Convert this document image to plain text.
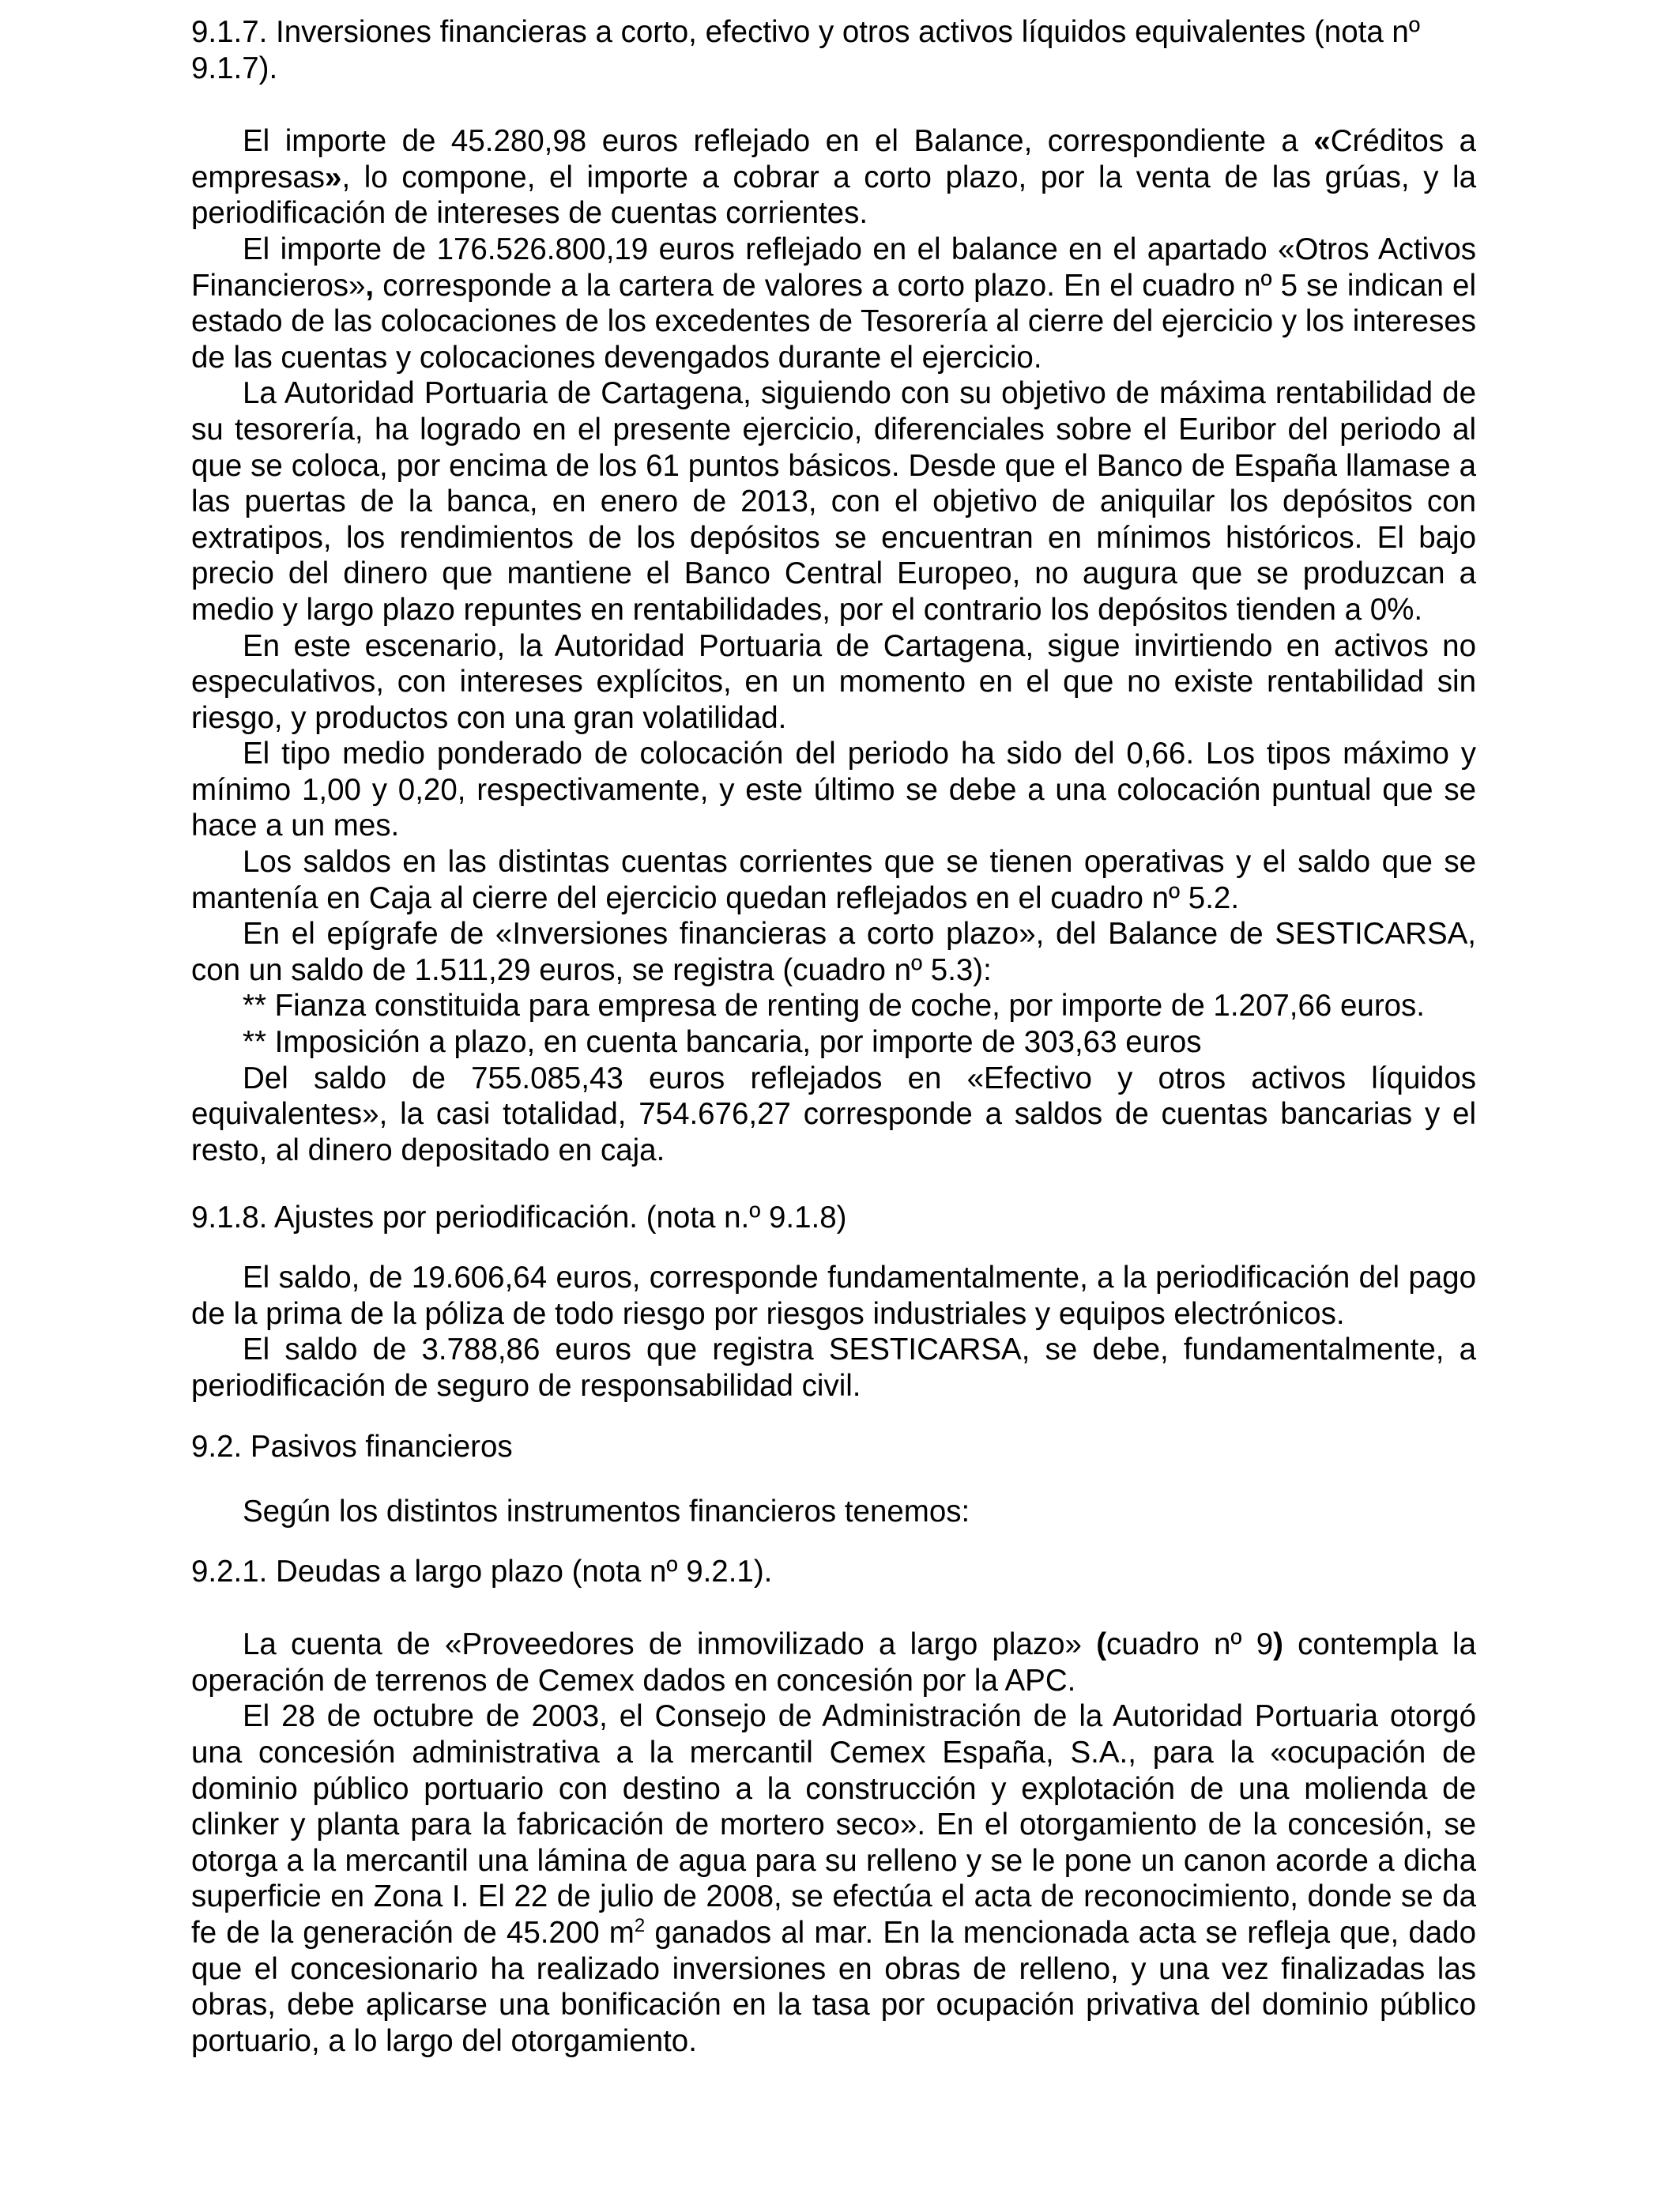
9.1.7. Inversiones financieras a corto, efectivo y otros activos líquidos equivalentes (nota nº 9.1.7).

El importe de 45.280,98 euros reflejado en el Balance, correspondiente a «Créditos a empresas», lo compone, el importe a cobrar a corto plazo, por la venta de las grúas, y la periodificación de intereses de cuentas corrientes.

El importe de 176.526.800,19 euros reflejado en el balance en el apartado «Otros Activos Financieros», corresponde a la cartera de valores a corto plazo. En el cuadro nº 5 se indican el estado de las colocaciones de los excedentes de Tesorería al cierre del ejercicio y los intereses de las cuentas y colocaciones devengados durante el ejercicio.

La Autoridad Portuaria de Cartagena, siguiendo con su objetivo de máxima rentabilidad de su tesorería, ha logrado en el presente ejercicio, diferenciales sobre el Euribor del periodo al que se coloca, por encima de los 61 puntos básicos. Desde que el Banco de España llamase a las puertas de la banca, en enero de 2013, con el objetivo de aniquilar los depósitos con extratipos, los rendimientos de los depósitos se encuentran en mínimos históricos. El bajo precio del dinero que mantiene el Banco Central Europeo, no augura que se produzcan a medio y largo plazo repuntes en rentabilidades, por el contrario los depósitos tienden a 0%.

En este escenario, la Autoridad Portuaria de Cartagena, sigue invirtiendo en activos no especulativos, con intereses explícitos, en un momento en el que no existe rentabilidad sin riesgo, y productos con una gran volatilidad.

El tipo medio ponderado de colocación del periodo ha sido del 0,66. Los tipos máximo y mínimo 1,00 y 0,20, respectivamente, y este último se debe a una colocación puntual que se hace a un mes.

Los saldos en las distintas cuentas corrientes que se tienen operativas y el saldo que se mantenía en Caja al cierre del ejercicio quedan reflejados en el cuadro nº 5.2.

En el epígrafe de «Inversiones financieras a corto plazo», del Balance de SESTICARSA, con un saldo de 1.511,29 euros, se registra (cuadro nº 5.3):

** Fianza constituida para empresa de renting de coche, por importe de 1.207,66 euros.

** Imposición a plazo, en cuenta bancaria, por importe de 303,63 euros

Del saldo de 755.085,43 euros reflejados en «Efectivo y otros activos líquidos equivalentes», la casi totalidad, 754.676,27 corresponde a saldos de cuentas bancarias y el resto, al dinero depositado en caja.

9.1.8. Ajustes por periodificación. (nota n.º 9.1.8)

El saldo, de 19.606,64 euros, corresponde fundamentalmente, a la periodificación del pago de la prima de la póliza de todo riesgo por riesgos industriales y equipos electrónicos.

El saldo de 3.788,86 euros que registra SESTICARSA, se debe, fundamentalmente, a periodificación de seguro de responsabilidad civil.

9.2. Pasivos financieros

Según los distintos instrumentos financieros tenemos:

9.2.1. Deudas a largo plazo (nota nº 9.2.1).

La cuenta de «Proveedores de inmovilizado a largo plazo» (cuadro nº 9) contempla la operación de terrenos de Cemex dados en concesión por la APC.

El 28 de octubre de 2003, el Consejo de Administración de la Autoridad Portuaria otorgó una concesión administrativa a la mercantil Cemex España, S.A., para la «ocupación de dominio público portuario con destino a la construcción y explotación de una molienda de clinker y planta para la fabricación de mortero seco». En el otorgamiento de la concesión, se otorga a la mercantil una lámina de agua para su relleno y se le pone un canon acorde a dicha superficie en Zona I. El 22 de julio de 2008, se efectúa el acta de reconocimiento, donde se da fe de la generación de 45.200 $m^2$ ganados al mar. En la mencionada acta se refleja que, dado que el concesionario ha realizado inversiones en obras de relleno, y una vez finalizadas las obras, debe aplicarse una bonificación en la tasa por ocupación privativa del dominio público portuario, a lo largo del otorgamiento.
